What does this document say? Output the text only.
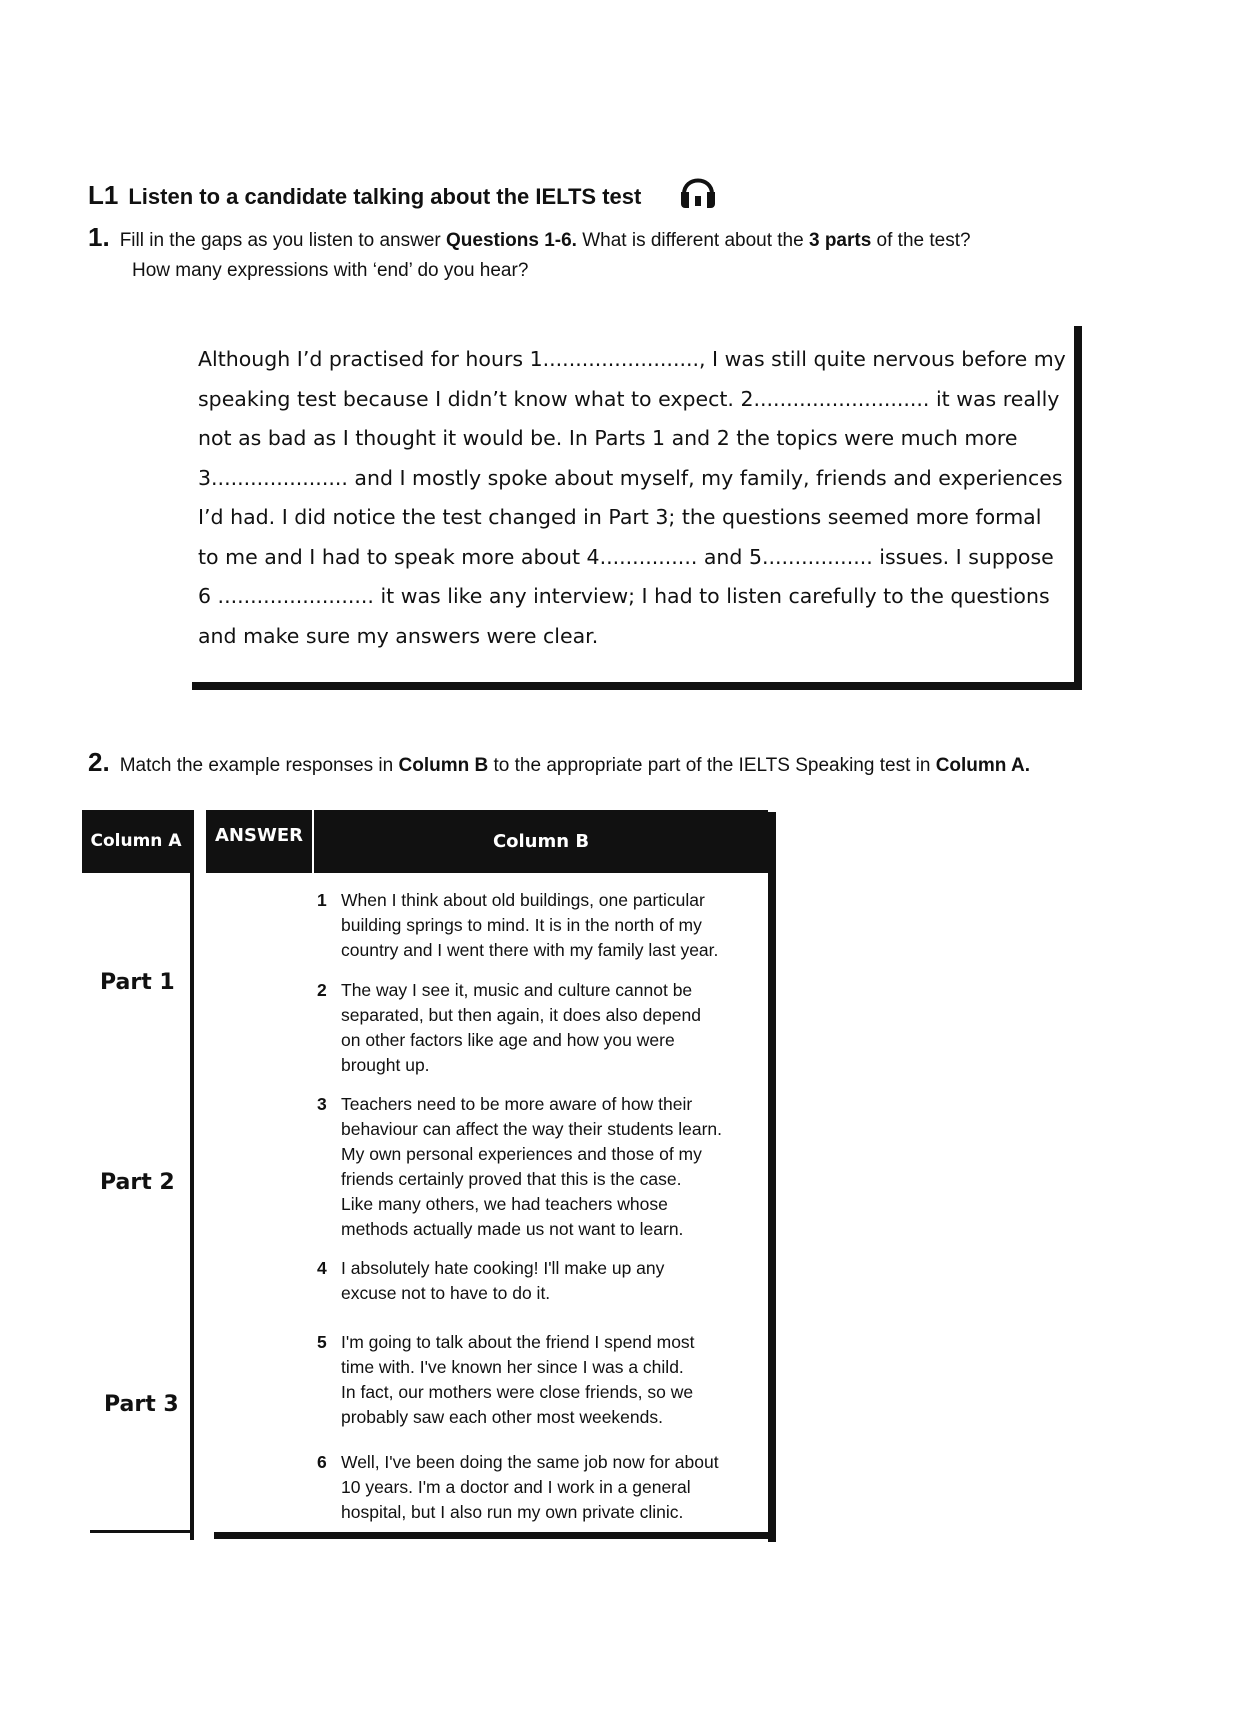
L1 Listen to a candidate talking about the IELTS test
1. Fill in the gaps as you listen to answer Questions 1-6. What is different about the 3 parts of the test?
How many expressions with ‘end’ do you hear?

Although I’d practised for hours 1........................, I was still quite nervous before my

speaking test because I didn’t know what to expect. 2........................... it was really

not as bad as I thought it would be. In Parts 1 and 2 the topics were much more

3..................... and I mostly spoke about myself, my family, friends and experiences

I’d had. I did notice the test changed in Part 3; the questions seemed more formal

to me and I had to speak more about 4............... and 5................. issues. I suppose

6 ........................ it was like any interview; I had to listen carefully to the questions

and make sure my answers were clear.

2. Match the example responses in Column B to the appropriate part of the IELTS Speaking test in Column A.
Column A	ANSWER	Column B
Part 1
Part 2
Part 3
1 When I think about old buildings, one particular
building springs to mind. It is in the north of my
country and I went there with my family last year.
2 The way I see it, music and culture cannot be
separated, but then again, it does also depend
on other factors like age and how you were
brought up.
3 Teachers need to be more aware of how their
behaviour can affect the way their students learn.
My own personal experiences and those of my
friends certainly proved that this is the case.
Like many others, we had teachers whose
methods actually made us not want to learn.
4 I absolutely hate cooking! I'll make up any
excuse not to have to do it.
5 I'm going to talk about the friend I spend most
time with. I've known her since I was a child.
In fact, our mothers were close friends, so we
probably saw each other most weekends.
6 Well, I've been doing the same job now for about
10 years. I'm a doctor and I work in a general
hospital, but I also run my own private clinic.
